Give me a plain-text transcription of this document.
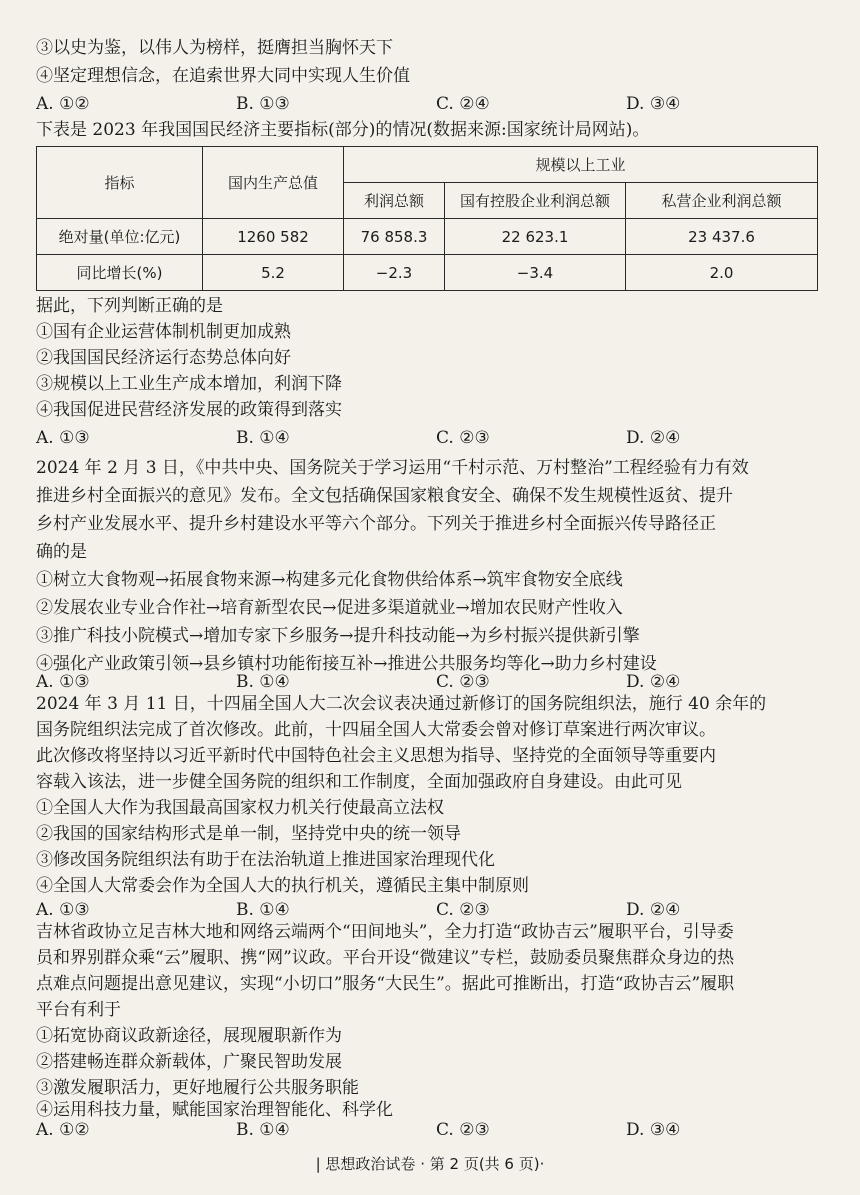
③以史为鉴，以伟人为榜样，挺膺担当胸怀天下
④坚定理想信念，在追索世界大同中实现人生价值
A. ①②	B. ①③	C. ②④	D. ③④
下表是 2023 年我国国民经济主要指标(部分)的情况(数据来源:国家统计局网站)。
指标	国内生产总值	规模以上工业		
		利润总额	国有控股企业利润总额	私营企业利润总额
绝对量(单位:亿元)	1260 582	76 858.3	22 623.1	23 437.6
同比增长(%)	5.2	−2.3	−3.4	2.0
据此，下列判断正确的是
①国有企业运营体制机制更加成熟
②我国国民经济运行态势总体向好
③规模以上工业生产成本增加，利润下降
④我国促进民营经济发展的政策得到落实
A. ①③	B. ①④	C. ②③	D. ②④
2024 年 2 月 3 日，《中共中央、国务院关于学习运用“千村示范、万村整治”工程经验有力有效
推进乡村全面振兴的意见》发布。全文包括确保国家粮食安全、确保不发生规模性返贫、提升
乡村产业发展水平、提升乡村建设水平等六个部分。下列关于推进乡村全面振兴传导路径正
确的是
①树立大食物观→拓展食物来源→构建多元化食物供给体系→筑牢食物安全底线
②发展农业专业合作社→培育新型农民→促进多渠道就业→增加农民财产性收入
③推广科技小院模式→增加专家下乡服务→提升科技动能→为乡村振兴提供新引擎
④强化产业政策引领→县乡镇村功能衔接互补→推进公共服务均等化→助力乡村建设
A. ①③	B. ①④	C. ②③	D. ②④
2024 年 3 月 11 日，十四届全国人大二次会议表决通过新修订的国务院组织法，施行 40 余年的
国务院组织法完成了首次修改。此前，十四届全国人大常委会曾对修订草案进行两次审议。
此次修改将坚持以习近平新时代中国特色社会主义思想为指导、坚持党的全面领导等重要内
容载入该法，进一步健全国务院的组织和工作制度，全面加强政府自身建设。由此可见
①全国人大作为我国最高国家权力机关行使最高立法权
②我国的国家结构形式是单一制，坚持党中央的统一领导
③修改国务院组织法有助于在法治轨道上推进国家治理现代化
④全国人大常委会作为全国人大的执行机关，遵循民主集中制原则
A. ①③	B. ①④	C. ②③	D. ②④
吉林省政协立足吉林大地和网络云端两个“田间地头”，全力打造“政协吉云”履职平台，引导委
员和界别群众乘“云”履职、携“网”议政。平台开设“微建议”专栏，鼓励委员聚焦群众身边的热
点难点问题提出意见建议，实现“小切口”服务“大民生”。据此可推断出，打造“政协吉云”履职
平台有利于
①拓宽协商议政新途径，展现履职新作为
②搭建畅连群众新载体，广聚民智助发展
③激发履职活力，更好地履行公共服务职能
④运用科技力量，赋能国家治理智能化、科学化
A. ①②	B. ①④	C. ②③	D. ③④
| 思想政治试卷 · 第 2 页(共 6 页)·
